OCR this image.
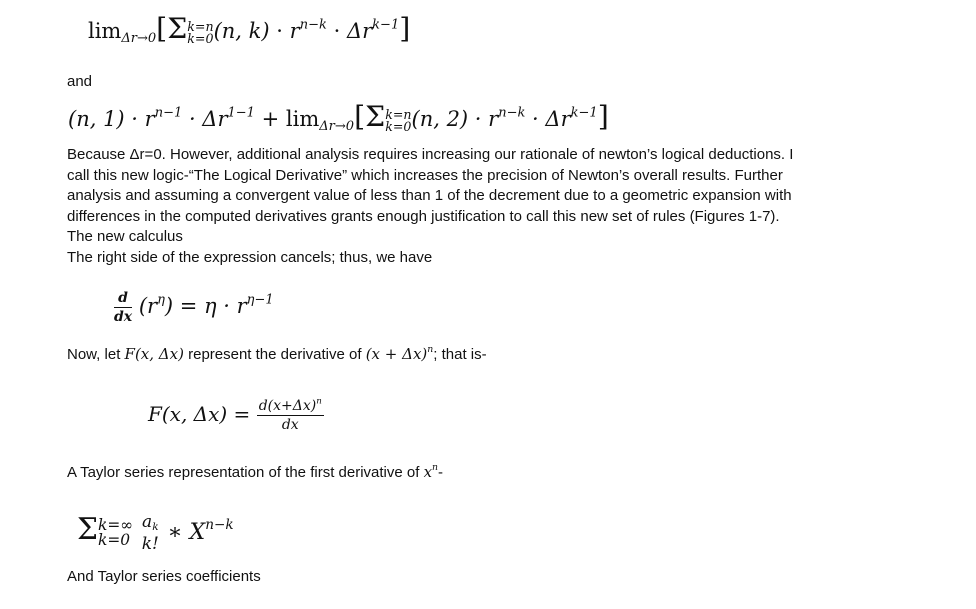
$\lim_{\Delta r\to 0}[\Sigma$ k=n
k=0 (n, $k) \cdot r^{n-k} \cdot \Delta r^{k-1}$]
and
(n, $1) \cdot r^{n-1} \cdot \Delta r^{1-1} + \lim_{\Delta r\to 0}[\Sigma$ k=n
k=0 (n, $2) \cdot r^{n-k} \cdot \Delta r^{k-1}$]
Because Δr=0. However, additional analysis requires increasing our rationale of newton’s logical deductions. I
call this new logic-“The Logical Derivative” which increases the precision of Newton’s overall results. Further
analysis and assuming a convergent value of less than 1 of the decrement due to a geometric expansion with
differences in the computed derivatives grants enough justification to call this new set of rules (Figures 1-7).
The new calculus
The right side of the expression cancels; thus, we have
$\frac{d}{dx} (r^\eta) = \eta \cdot r^{\eta-1}$
Now, let F(x, Δx) represent the derivative of $(x + \Delta x)^n$; that is-
F(x, $\Delta x) = \frac{d(x+\Delta x)^n}{dx}$
A Taylor series representation of the first derivative of $x^n-$
Σ k=∞
k=0

$a_k$
k! ∗ $X^{n-k}$
And Taylor series coefficients
